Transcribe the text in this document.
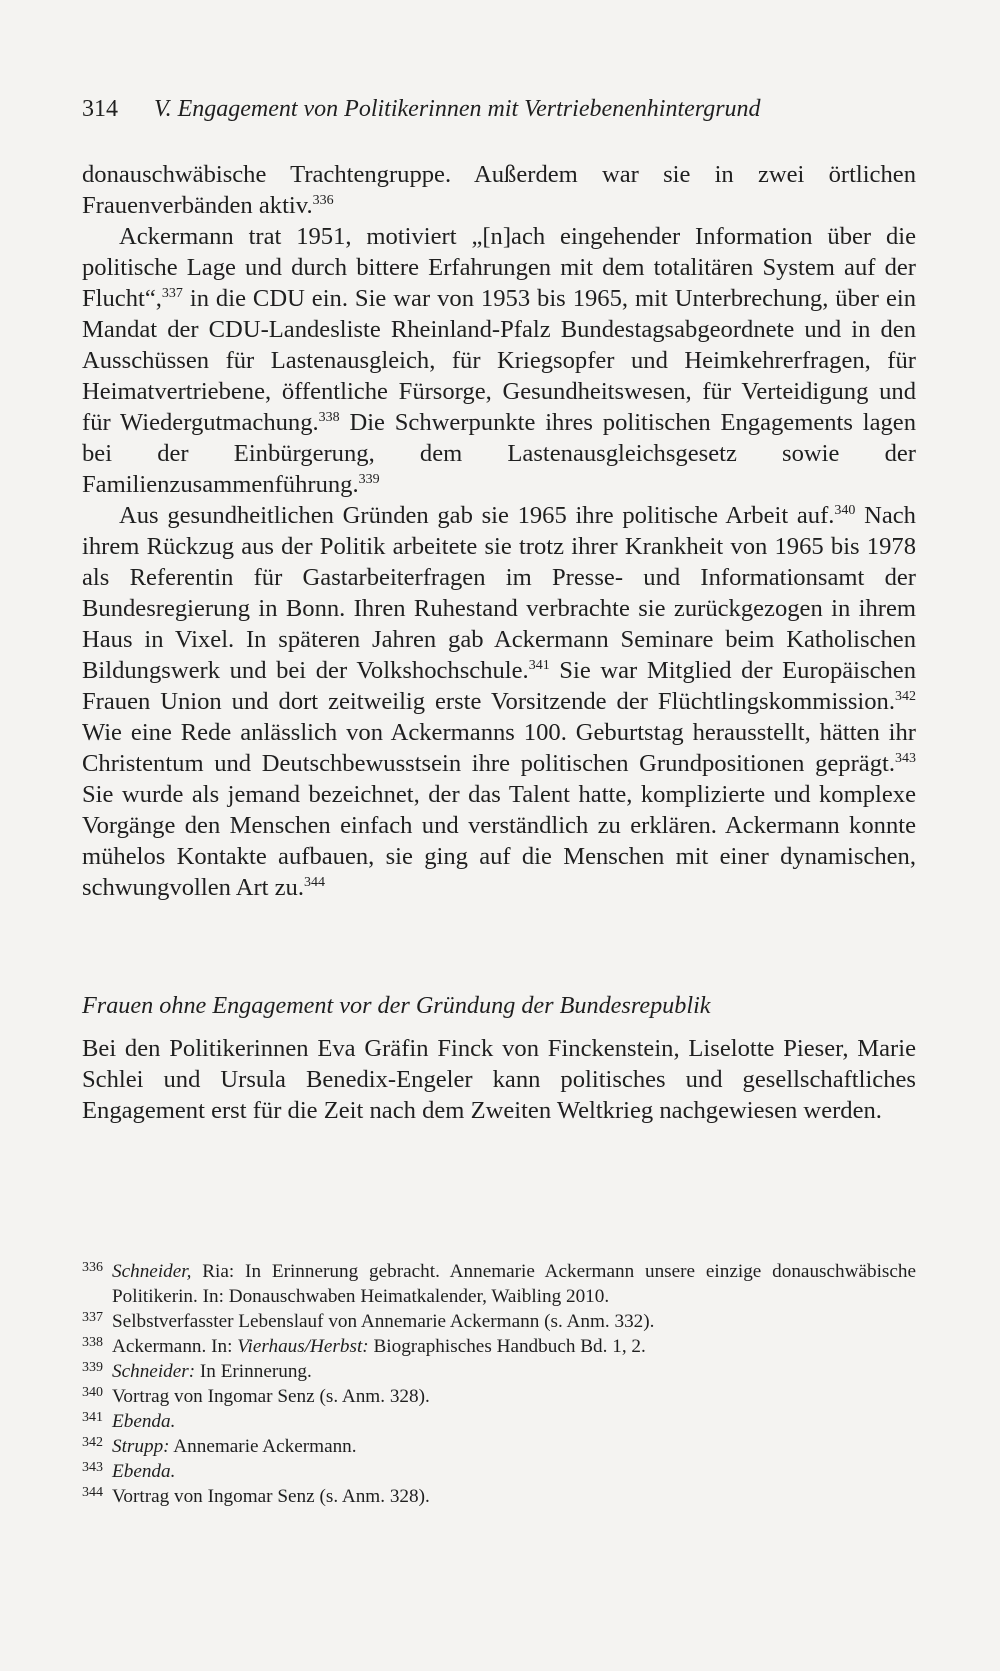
314 V. Engagement von Politikerinnen mit Vertriebenenhintergrund

donauschwäbische Trachtengruppe. Außerdem war sie in zwei örtlichen Frauenverbänden aktiv.$^{336}$

Ackermann trat 1951, motiviert „[n]ach eingehender Information über die politische Lage und durch bittere Erfahrungen mit dem totalitären System auf der Flucht“,$^{337}$ in die CDU ein. Sie war von 1953 bis 1965, mit Unterbrechung, über ein Mandat der CDU-Landesliste Rheinland-Pfalz Bundestagsabgeordnete und in den Ausschüssen für Lastenausgleich, für Kriegsopfer und Heimkehrerfragen, für Heimatvertriebene, öffentliche Fürsorge, Gesundheitswesen, für Verteidigung und für Wiedergutmachung.$^{338}$ Die Schwerpunkte ihres politischen Engagements lagen bei der Einbürgerung, dem Lastenausgleichsgesetz sowie der Familienzusammenführung.$^{339}$

Aus gesundheitlichen Gründen gab sie 1965 ihre politische Arbeit auf.$^{340}$ Nach ihrem Rückzug aus der Politik arbeitete sie trotz ihrer Krankheit von 1965 bis 1978 als Referentin für Gastarbeiterfragen im Presse- und Informationsamt der Bundesregierung in Bonn. Ihren Ruhestand verbrachte sie zurückgezogen in ihrem Haus in Vixel. In späteren Jahren gab Ackermann Seminare beim Katholischen Bildungswerk und bei der Volkshochschule.$^{341}$ Sie war Mitglied der Europäischen Frauen Union und dort zeitweilig erste Vorsitzende der Flüchtlingskommission.$^{342}$ Wie eine Rede anlässlich von Ackermanns 100. Geburtstag herausstellt, hätten ihr Christentum und Deutschbewusstsein ihre politischen Grundpositionen geprägt.$^{343}$ Sie wurde als jemand bezeichnet, der das Talent hatte, komplizierte und komplexe Vorgänge den Menschen einfach und verständlich zu erklären. Ackermann konnte mühelos Kontakte aufbauen, sie ging auf die Menschen mit einer dynamischen, schwungvollen Art zu.$^{344}$

Frauen ohne Engagement vor der Gründung der Bundesrepublik

Bei den Politikerinnen Eva Gräfin Finck von Finckenstein, Liselotte Pieser, Marie Schlei und Ursula Benedix-Engeler kann politisches und gesellschaftliches Engagement erst für die Zeit nach dem Zweiten Weltkrieg nachgewiesen werden.

336 Schneider, Ria: In Erinnerung gebracht. Annemarie Ackermann unsere einzige donauschwäbische Politikerin. In: Donauschwaben Heimatkalender, Waibling 2010.
337 Selbstverfasster Lebenslauf von Annemarie Ackermann (s. Anm. 332).
338 Ackermann. In: Vierhaus/Herbst: Biographisches Handbuch Bd. 1, 2.
339 Schneider: In Erinnerung.
340 Vortrag von Ingomar Senz (s. Anm. 328).
341 Ebenda.
342 Strupp: Annemarie Ackermann.
343 Ebenda.
344 Vortrag von Ingomar Senz (s. Anm. 328).
